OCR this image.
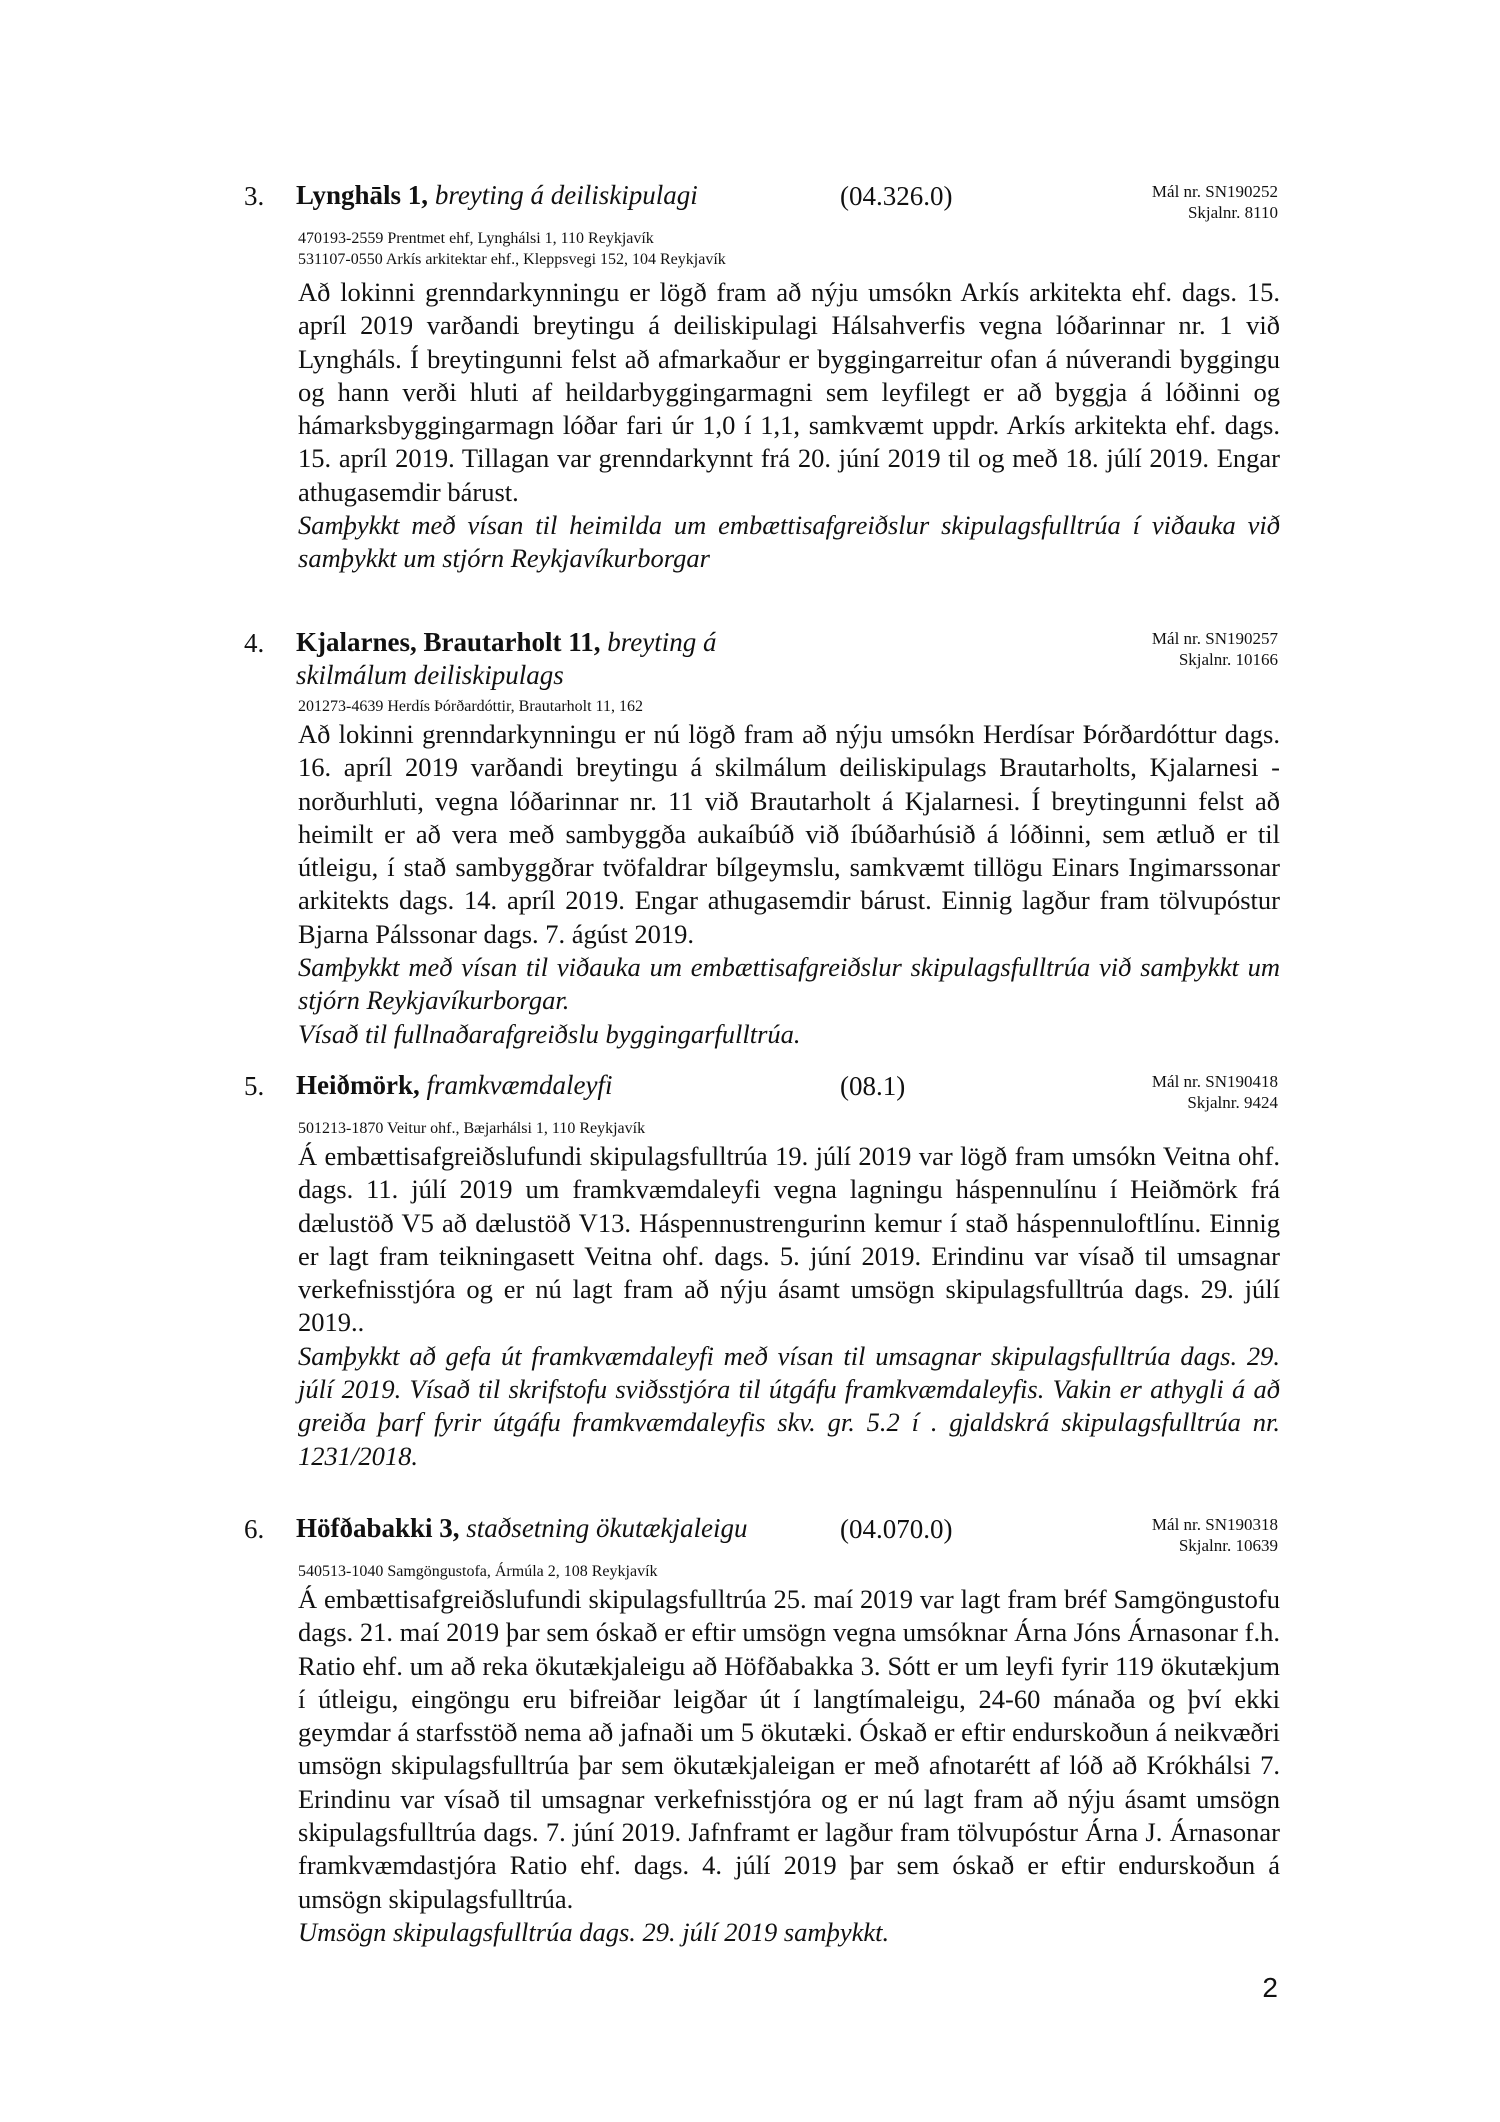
3. Lynghāls 1, breyting á deiliskipulagi	(04.326.0)	Mál nr. SN190252
Skjalnr. 8110
470193-2559 Prentmet ehf, Lynghálsi 1, 110 Reykjavík
531107-0550 Arkís arkitektar ehf., Kleppsvegi 152, 104 Reykjavík

Að lokinni grenndarkynningu er lögð fram að nýju umsókn Arkís arkitekta ehf. dags. 15. apríl 2019 varðandi breytingu á deiliskipulagi Hálsahverfis vegna lóðarinnar nr. 1 við Lyngháls. Í breytingunni felst að afmarkaður er byggingarreitur ofan á núverandi byggingu og hann verði hluti af heildarbyggingarmagni sem leyfilegt er að byggja á lóðinni og hámarksbyggingarmagn lóðar fari úr 1,0 í 1,1, samkvæmt uppdr. Arkís arkitekta ehf. dags. 15. apríl 2019. Tillagan var grenndarkynnt frá 20. júní 2019 til og með 18. júlí 2019. Engar athugasemdir bárust.

Samþykkt með vísan til heimilda um embættisafgreiðslur skipulagsfulltrúa í viðauka við samþykkt um stjórn Reykjavíkurborgar

4. Kjalarnes, Brautarholt 11, breyting á
skilmálum deiliskipulags
Mál nr. SN190257
Skjalnr. 10166
201273-4639 Herdís Þórðardóttir, Brautarholt 11, 162

Að lokinni grenndarkynningu er nú lögð fram að nýju umsókn Herdísar Þórðardóttur dags. 16. apríl 2019 varðandi breytingu á skilmálum deiliskipulags Brautarholts, Kjalarnesi - norðurhluti, vegna lóðarinnar nr. 11 við Brautarholt á Kjalarnesi. Í breytingunni felst að heimilt er að vera með sambyggða aukaíbúð við íbúðarhúsið á lóðinni, sem ætluð er til útleigu, í stað sambyggðrar tvöfaldrar bílgeymslu, samkvæmt tillögu Einars Ingimarssonar arkitekts dags. 14. apríl 2019. Engar athugasemdir bárust. Einnig lagður fram tölvupóstur Bjarna Pálssonar dags. 7. ágúst 2019.

Samþykkt með vísan til viðauka um embættisafgreiðslur skipulagsfulltrúa við samþykkt um stjórn Reykjavíkurborgar.

Vísað til fullnaðarafgreiðslu byggingarfulltrúa.

5. Heiðmörk, framkvæmdaleyfi	(08.1)	Mál nr. SN190418
Skjalnr. 9424
501213-1870 Veitur ohf., Bæjarhálsi 1, 110 Reykjavík

Á embættisafgreiðslufundi skipulagsfulltrúa 19. júlí 2019 var lögð fram umsókn Veitna ohf. dags. 11. júlí 2019 um framkvæmdaleyfi vegna lagningu háspennulínu í Heiðmörk frá dælustöð V5 að dælustöð V13. Háspennustrengurinn kemur í stað háspennuloftlínu. Einnig er lagt fram teikningasett Veitna ohf. dags. 5. júní 2019. Erindinu var vísað til umsagnar verkefnisstjóra og er nú lagt fram að nýju ásamt umsögn skipulagsfulltrúa dags. 29. júlí 2019..

Samþykkt að gefa út framkvæmdaleyfi með vísan til umsagnar skipulagsfulltrúa dags. 29. júlí 2019. Vísað til skrifstofu sviðsstjóra til útgáfu framkvæmdaleyfis. Vakin er athygli á að greiða þarf fyrir útgáfu framkvæmdaleyfis skv. gr. 5.2 í . gjaldskrá skipulagsfulltrúa nr. 1231/2018.

6. Höfðabakki 3, staðsetning ökutækjaleigu	(04.070.0)	Mál nr. SN190318
Skjalnr. 10639
540513-1040 Samgöngustofa, Ármúla 2, 108 Reykjavík

Á embættisafgreiðslufundi skipulagsfulltrúa 25. maí 2019 var lagt fram bréf Samgöngustofu dags. 21. maí 2019 þar sem óskað er eftir umsögn vegna umsóknar Árna Jóns Árnasonar f.h. Ratio ehf. um að reka ökutækjaleigu að Höfðabakka 3. Sótt er um leyfi fyrir 119 ökutækjum í útleigu, eingöngu eru bifreiðar leigðar út í langtímaleigu, 24-60 mánaða og því ekki geymdar á starfsstöð nema að jafnaði um 5 ökutæki. Óskað er eftir endurskoðun á neikvæðri umsögn skipulagsfulltrúa þar sem ökutækjaleigan er með afnotarétt af lóð að Krókhálsi 7. Erindinu var vísað til umsagnar verkefnisstjóra og er nú lagt fram að nýju ásamt umsögn skipulagsfulltrúa dags. 7. júní 2019. Jafnframt er lagður fram tölvupóstur Árna J. Árnasonar framkvæmdastjóra Ratio ehf. dags. 4. júlí 2019 þar sem óskað er eftir endurskoðun á umsögn skipulagsfulltrúa.

Umsögn skipulagsfulltrúa dags. 29. júlí 2019 samþykkt.

2
